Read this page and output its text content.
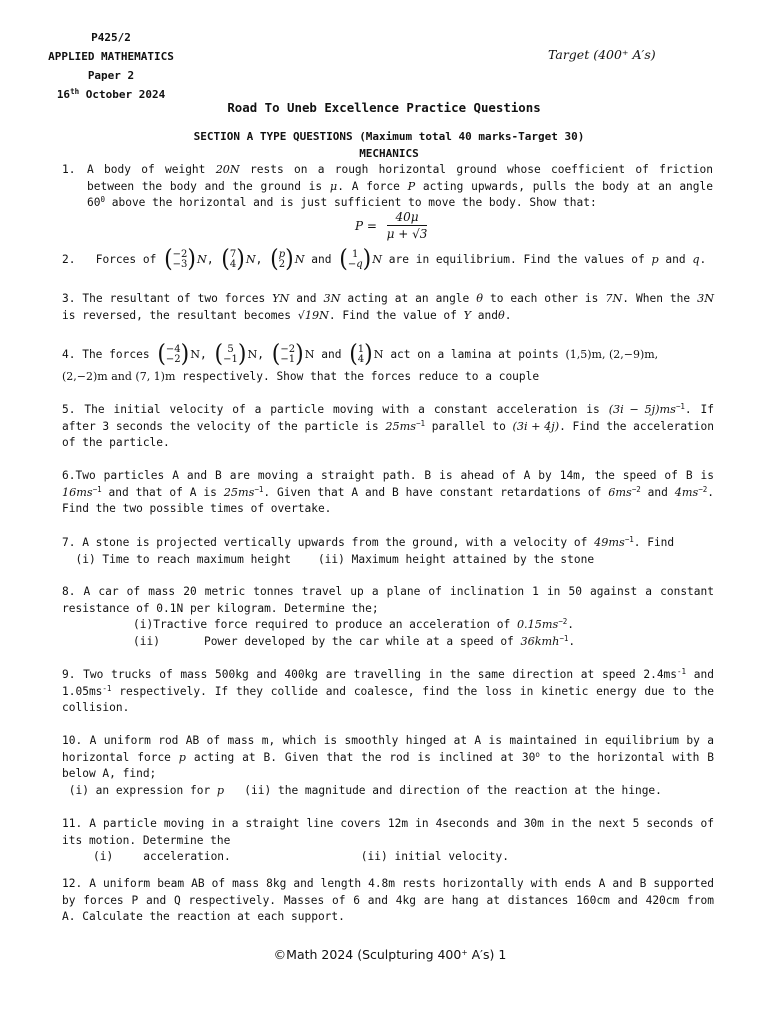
P425/2
APPLIED MATHEMATICS
Paper 2
16th October 2024
Target (400⁺ A′s)
Road To Uneb Excellence Practice Questions
SECTION A TYPE QUESTIONS (Maximum total 40 marks-Target 30)
MECHANICS
1. A body of weight 20N rests on a rough horizontal ground whose coefficient of friction between the body and the ground is μ. A force P acting upwards, pulls the body at an angle $60^0$ above the horizontal and is just sufficient to move the body. Show that:

$P = \frac{40\mu}{\mu + √3}$
2. Forces of (−2
−3)N, (7
4)N, (p
2)N and ( 1
−q)N are in equilibrium. Find the values of p and q.

3. The resultant of two forces YN and 3N acting at an angle θ to each other is 7N. When the 3N is reversed, the resultant becomes √19N. Find the value of Y andθ.

4. The forces (−4
−2)N, ( 5
−1)N, (−2
−1)N and (1
4)N act on a lamina at points (1,5)m, (2,−9)m,
(2,−2)m and (7, 1)m respectively. Show that the forces reduce to a couple

5. The initial velocity of a particle moving with a constant acceleration is $(3i - 5j)ms^{-1}$. If after 3 seconds the velocity of the particle is $25ms^{-1}$ parallel to (3i + 4j). Find the acceleration of the particle.

6.Two particles A and B are moving a straight path. B is ahead of A by 14m, the speed of B is $16ms^{-1}$ and that of A is $25ms^{-1}$. Given that A and B have constant retardations of $6ms^{-2}$ and $4ms^{-2}$. Find the two possible times of overtake.

7. A stone is projected vertically upwards from the ground, with a velocity of $49ms^{-1}$. Find

(i) Time to reach maximum height    (ii) Maximum height attained by the stone

8. A car of mass 20 metric tonnes travel up a plane of inclination 1 in 50 against a constant resistance of 0.1N per kilogram. Determine the;

(i)Tractive force required to produce an acceleration of $0.15ms^{-2}$.

(ii)	Power developed by the car while at a speed of 36kmh$^{-1}$.

9. Two trucks of mass 500kg and 400kg are travelling in the same direction at speed $2.4ms^{-1}$ and $1.05ms^{-1}$ respectively. If they collide and coalesce, find the loss in kinetic energy due to the collision.

10. A uniform rod AB of mass m, which is smoothly hinged at A is maintained in equilibrium by a horizontal force p acting at B. Given that the rod is inclined at 30$^o$ to the horizontal with B below A, find;

(i) an expression for p   (ii) the magnitude and direction of the reaction at the hinge.

11. A particle moving in a straight line covers 12m in 4seconds and 30m in the next 5 seconds of its motion. Determine the

(i)	acceleration.	(ii) initial velocity.

12. A uniform beam AB of mass 8kg and length 4.8m rests horizontally with ends A and B supported by forces P and Q respectively. Masses of 6 and 4kg are hang at distances 160cm and 420cm from A. Calculate the reaction at each support.

©Math 2024 (Sculpturing 400+ A′s) 1
